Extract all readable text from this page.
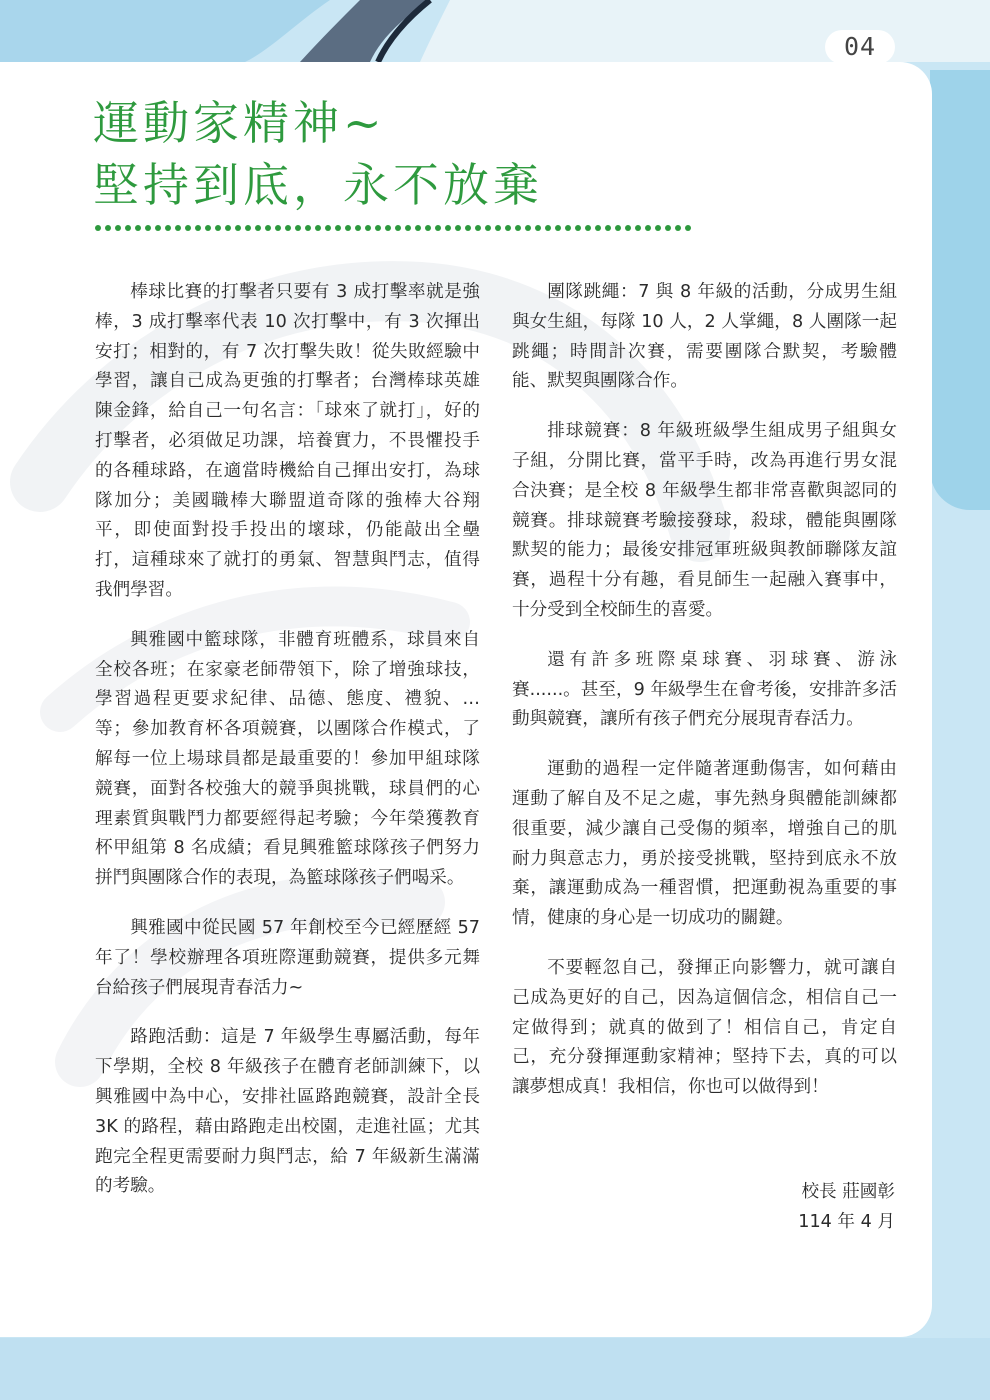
04
運動家精神~
堅持到底，永不放棄

棒球比賽的打擊者只要有 3 成打擊率就是強棒，3 成打擊率代表 10 次打擊中，有 3 次揮出安打；相對的，有 7 次打擊失敗！從失敗經驗中學習，讓自己成為更強的打擊者；台灣棒球英雄陳金鋒，給自己一句名言：「球來了就打」，好的打擊者，必須做足功課，培養實力，不畏懼投手的各種球路，在適當時機給自己揮出安打，為球隊加分；美國職棒大聯盟道奇隊的強棒大谷翔平，即使面對投手投出的壞球，仍能敲出全壘打，這種球來了就打的勇氣、智慧與鬥志，值得我們學習。

興雅國中籃球隊，非體育班體系，球員來自全校各班；在家豪老師帶領下，除了增強球技，學習過程更要求紀律、品德、態度、禮貌、…等；參加教育杯各項競賽，以團隊合作模式，了解每一位上場球員都是最重要的！參加甲組球隊競賽，面對各校強大的競爭與挑戰，球員們的心理素質與戰鬥力都要經得起考驗；今年榮獲教育杯甲組第 8 名成績；看見興雅籃球隊孩子們努力拼鬥與團隊合作的表現，為籃球隊孩子們喝采。

興雅國中從民國 57 年創校至今已經歷經 57 年了！學校辦理各項班際運動競賽，提供多元舞台給孩子們展現青春活力~

路跑活動：這是 7 年級學生專屬活動，每年下學期，全校 8 年級孩子在體育老師訓練下，以興雅國中為中心，安排社區路跑競賽，設計全長 3K 的路程，藉由路跑走出校園，走進社區；尤其跑完全程更需要耐力與鬥志，給 7 年級新生滿滿的考驗。

團隊跳繩：7 與 8 年級的活動，分成男生組與女生組，每隊 10 人，2 人掌繩，8 人團隊一起跳繩；時間計次賽，需要團隊合默契，考驗體能、默契與團隊合作。

排球競賽：8 年級班級學生組成男子組與女子組，分開比賽，當平手時，改為再進行男女混合決賽；是全校 8 年級學生都非常喜歡與認同的競賽。排球競賽考驗接發球，殺球，體能與團隊默契的能力；最後安排冠軍班級與教師聯隊友誼賽，過程十分有趣，看見師生一起融入賽事中，十分受到全校師生的喜愛。

還有許多班際桌球賽、羽球賽、游泳賽......。甚至，9 年級學生在會考後，安排許多活動與競賽，讓所有孩子們充分展現青春活力。

運動的過程一定伴隨著運動傷害，如何藉由運動了解自及不足之處，事先熱身與體能訓練都很重要，減少讓自己受傷的頻率，增強自己的肌耐力與意志力，勇於接受挑戰，堅持到底永不放棄，讓運動成為一種習慣，把運動視為重要的事情，健康的身心是一切成功的關鍵。

不要輕忽自己，發揮正向影響力，就可讓自己成為更好的自己，因為這個信念，相信自己一定做得到；就真的做到了！相信自己，肯定自己，充分發揮運動家精神；堅持下去，真的可以讓夢想成真！我相信，你也可以做得到！

校長 莊國彰
114 年 4 月
